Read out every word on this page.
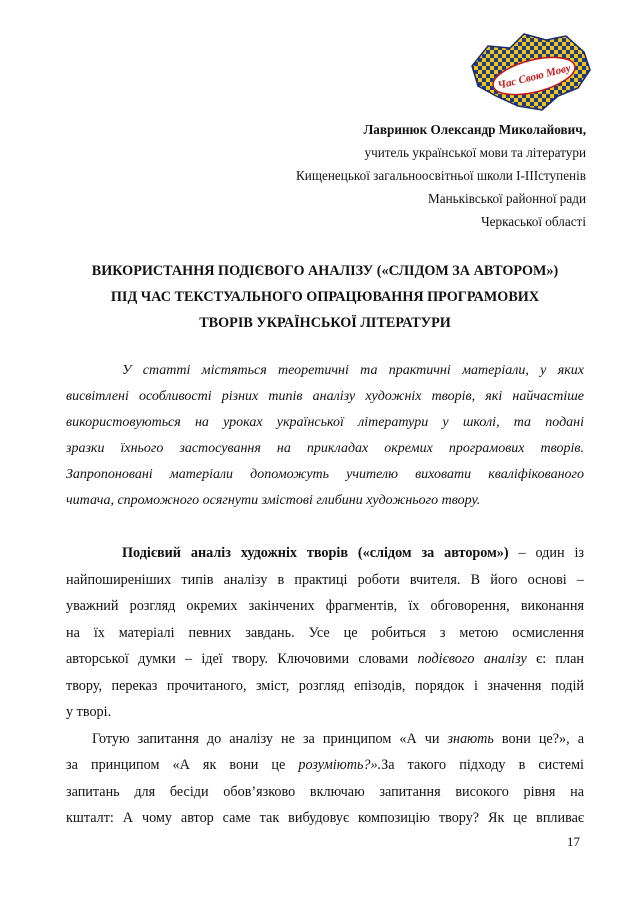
Час Свою Мову
Лавринюк Олександр Миколайович,
учитель української мови та літератури
Кищенецької загальноосвітньої школи І-ІІІступенів
Маньківської районної ради
Черкаської області
ВИКОРИСТАННЯ ПОДІЄВОГО АНАЛІЗУ («СЛІДОМ ЗА АВТОРОМ»)
ПІД ЧАС ТЕКСТУАЛЬНОГО ОПРАЦЮВАННЯ ПРОГРАМОВИХ
ТВОРІВ УКРАЇНСЬКОЇ ЛІТЕРАТУРИ
У статті містяться теоретичні та практичні матеріали, у яких
висвітлені особливості різних типів аналізу художніх творів, які найчастіше
використовуються на уроках української літератури у школі, та подані
зразки їхнього застосування на прикладах окремих програмових творів.
Запропоновані матеріали допоможуть учителю виховати кваліфікованого
читача, спроможного осягнути змістові глибини художнього твору.
Подієвий аналіз художніх творів («слідом за автором») – один із
найпоширеніших типів аналізу в практиці роботи вчителя. В його основі –
уважний розгляд окремих закінчених фрагментів, їх обговорення, виконання
на їх матеріалі певних завдань. Усе це робиться з метою осмислення
авторської думки – ідеї твору. Ключовими словами подієвого аналізу є: план
твору, переказ прочитаного, зміст, розгляд епізодів, порядок і значення подій
у творі.
Готую запитання до аналізу не за принципом «А чи знають вони це?», а
за принципом «А як вони це розуміють?».За такого підходу в системі
запитань для бесіди обов’язково включаю запитання високого рівня на
кшталт: А чому автор саме так вибудовує композицію твору? Як це впливає
17
